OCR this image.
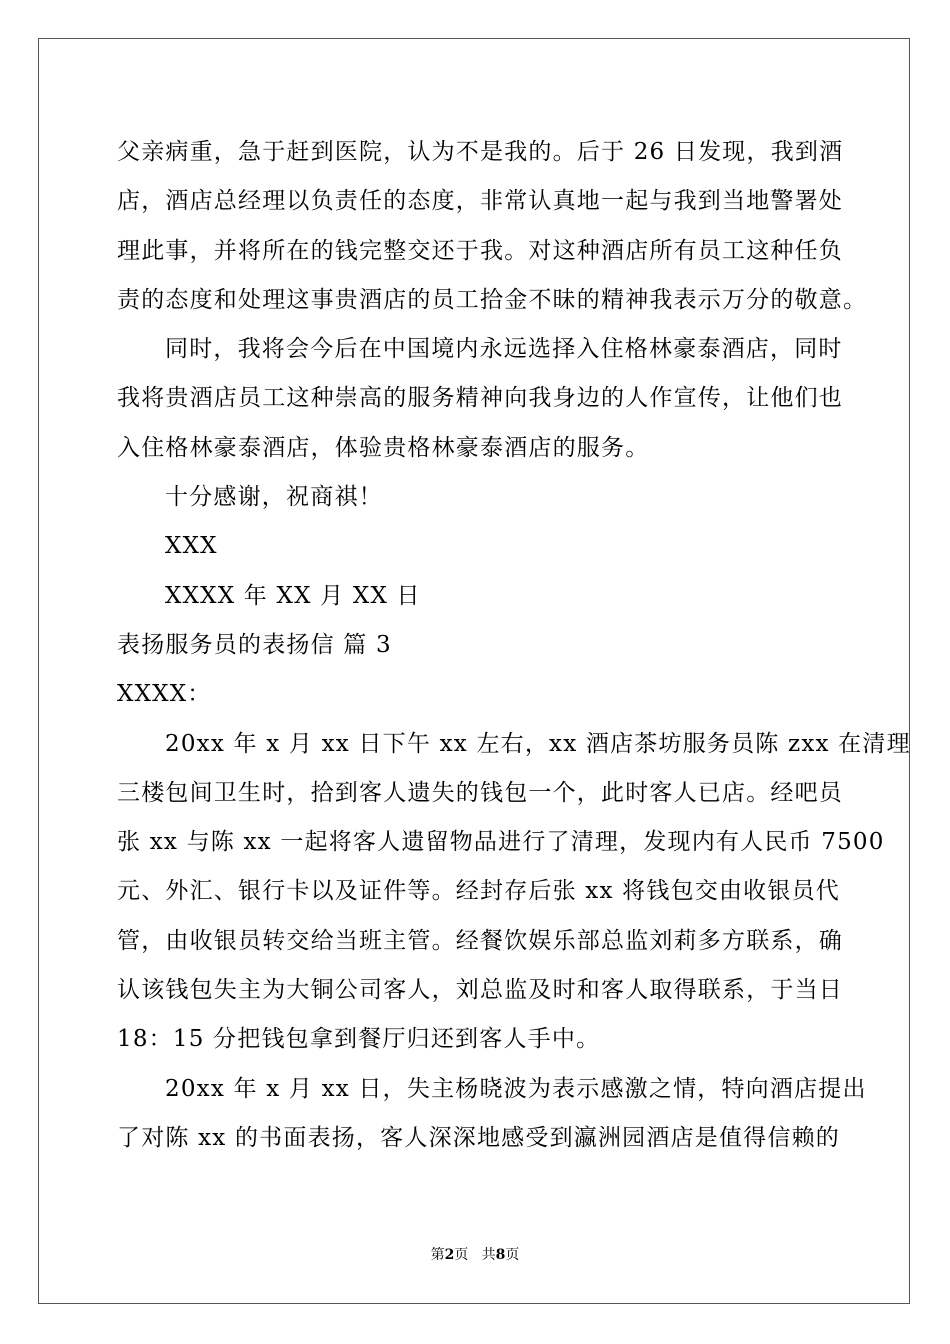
父亲病重，急于赶到医院，认为不是我的。后于 26 日发现，我到酒
店，酒店总经理以负责任的态度，非常认真地一起与我到当地警署处
理此事，并将所在的钱完整交还于我。对这种酒店所有员工这种任负
责的态度和处理这事贵酒店的员工拾金不昧的精神我表示万分的敬意。
同时，我将会今后在中国境内永远选择入住格林豪泰酒店，同时
我将贵酒店员工这种崇高的服务精神向我身边的人作宣传，让他们也
入住格林豪泰酒店，体验贵格林豪泰酒店的服务。
十分感谢，祝商祺！
XXX
XXXX 年 XX 月 XX 日
表扬服务员的表扬信 篇 3
XXXX：
20xx 年 x 月 xx 日下午 xx 左右，xx 酒店茶坊服务员陈 zxx 在清理
三楼包间卫生时，拾到客人遗失的钱包一个，此时客人已店。经吧员
张 xx 与陈 xx 一起将客人遗留物品进行了清理，发现内有人民币 7500
元、外汇、银行卡以及证件等。经封存后张 xx 将钱包交由收银员代
管，由收银员转交给当班主管。经餐饮娱乐部总监刘莉多方联系，确
认该钱包失主为大铜公司客人，刘总监及时和客人取得联系，于当日
18：15 分把钱包拿到餐厅归还到客人手中。
20xx 年 x 月 xx 日，失主杨晓波为表示感激之情，特向酒店提出
了对陈 xx 的书面表扬，客人深深地感受到瀛洲园酒店是值得信赖的
第2页 共8页
